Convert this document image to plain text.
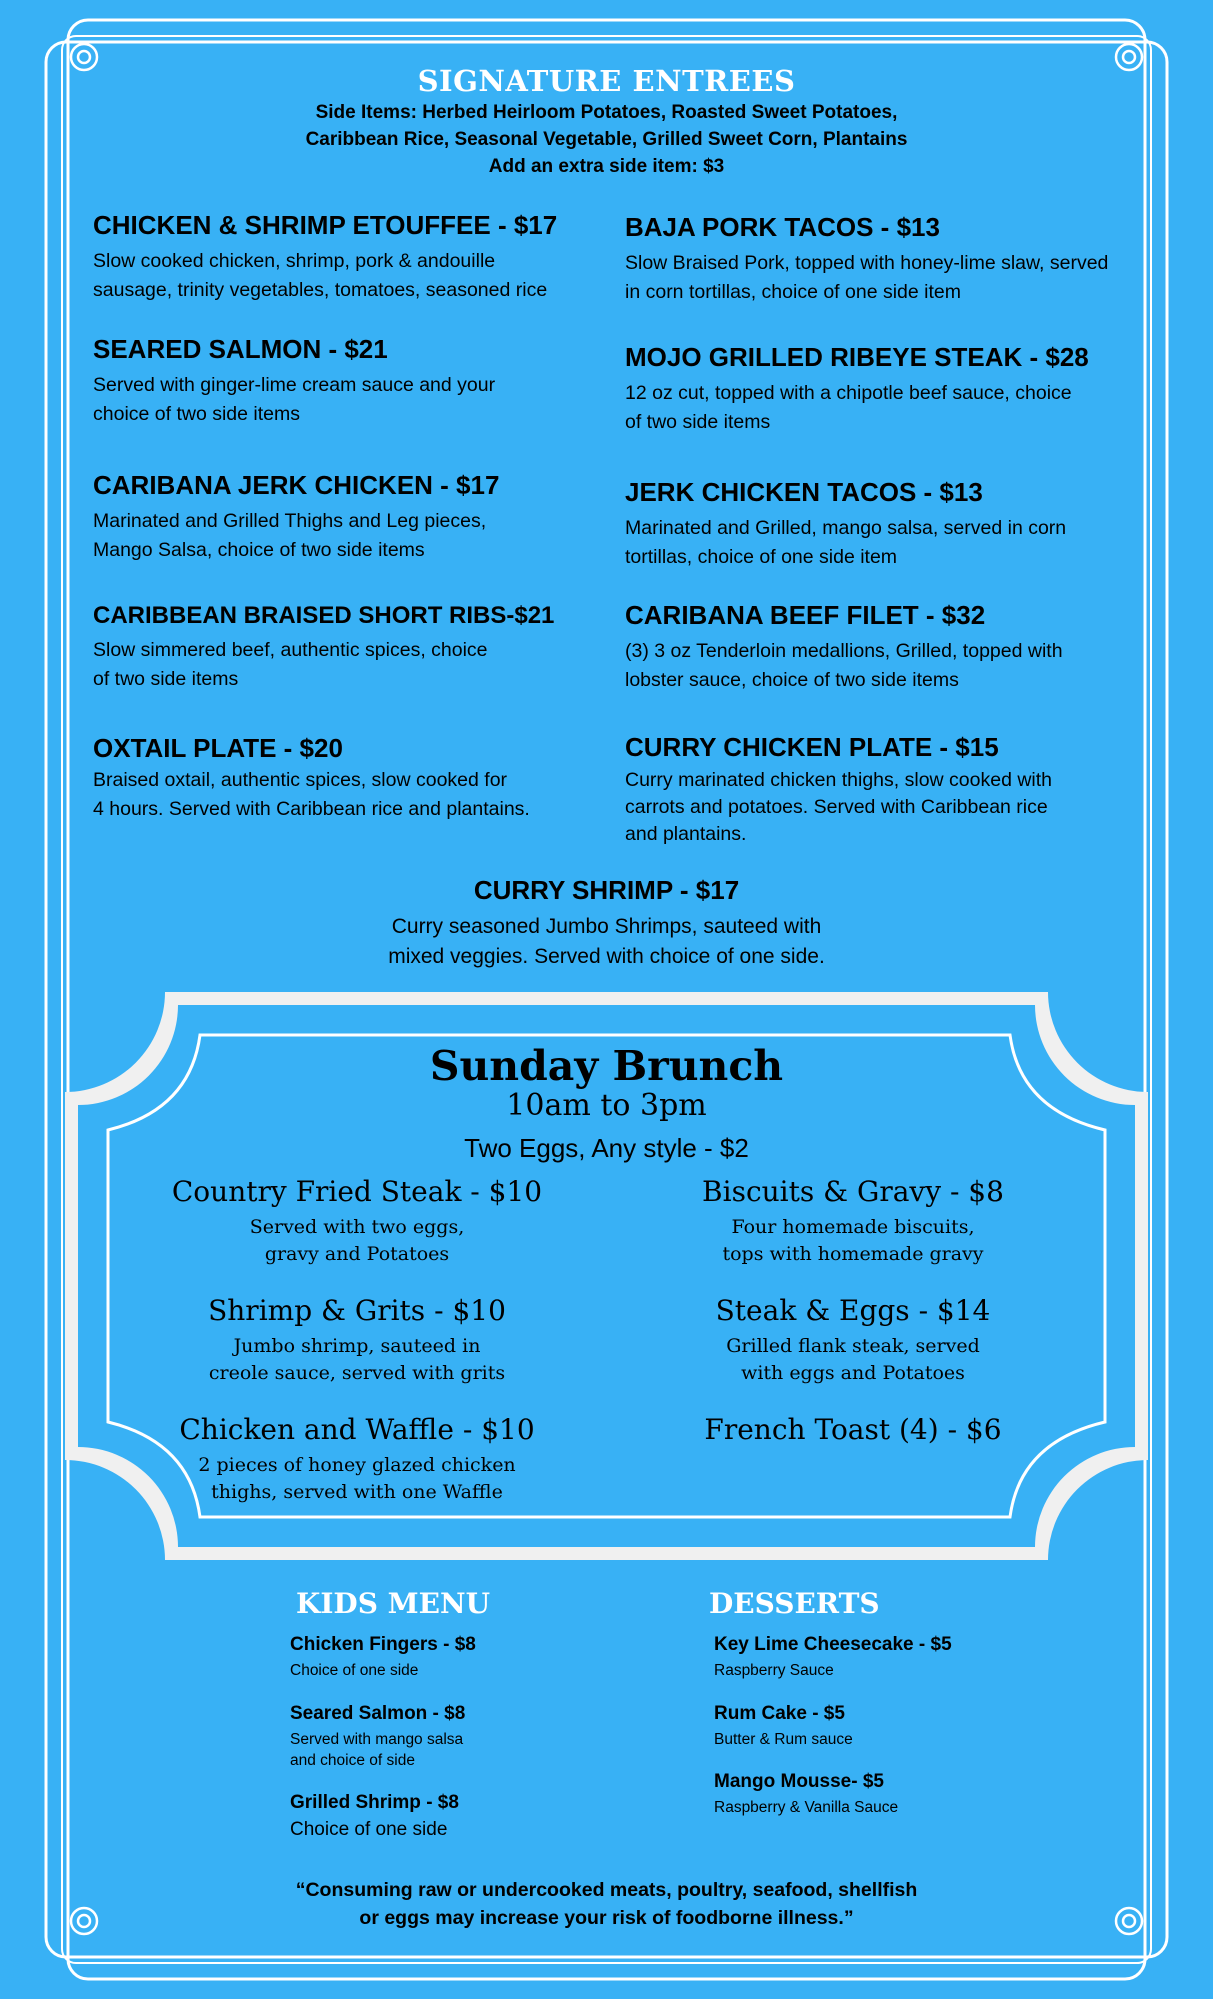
SIGNATURE ENTREES
Side Items: Herbed Heirloom Potatoes, Roasted Sweet Potatoes,
Caribbean Rice, Seasonal Vegetable, Grilled Sweet Corn, Plantains
Add an extra side item: $3
CHICKEN & SHRIMP ETOUFFEE - $17
Slow cooked chicken, shrimp, pork & andouille
sausage, trinity vegetables, tomatoes, seasoned rice
BAJA PORK TACOS - $13
Slow Braised Pork, topped with honey-lime slaw, served
in corn tortillas, choice of one side item
SEARED SALMON - $21
Served with ginger-lime cream sauce and your
choice of two side items
MOJO GRILLED RIBEYE STEAK - $28
12 oz cut, topped with a chipotle beef sauce, choice
of two side items
CARIBANA JERK CHICKEN - $17
Marinated and Grilled Thighs and Leg pieces,
Mango Salsa, choice of two side items
JERK CHICKEN TACOS - $13
Marinated and Grilled, mango salsa, served in corn
tortillas, choice of one side item
CARIBBEAN BRAISED SHORT RIBS-$21
Slow simmered beef, authentic spices, choice
of two side items
CARIBANA BEEF FILET - $32
(3) 3 oz Tenderloin medallions, Grilled, topped with
lobster sauce, choice of two side items
OXTAIL PLATE - $20
Braised oxtail, authentic spices, slow cooked for
4 hours. Served with Caribbean rice and plantains.
CURRY CHICKEN PLATE - $15
Curry marinated chicken thighs, slow cooked with
carrots and potatoes. Served with Caribbean rice
and plantains.
CURRY SHRIMP - $17
Curry seasoned Jumbo Shrimps, sauteed with
mixed veggies. Served with choice of one side.
Sunday Brunch
10am to 3pm
Two Eggs, Any style - $2
Country Fried Steak - $10
Served with two eggs,
gravy and Potatoes
Biscuits & Gravy - $8
Four homemade biscuits,
tops with homemade gravy
Shrimp & Grits - $10
Jumbo shrimp, sauteed in
creole sauce, served with grits
Steak & Eggs - $14
Grilled flank steak, served
with eggs and Potatoes
Chicken and Waffle - $10
2 pieces of honey glazed chicken
thighs, served with one Waffle
French Toast (4) - $6
KIDS MENU
Chicken Fingers - $8
Choice of one side
Seared Salmon - $8
Served with mango salsa
and choice of side
Grilled Shrimp - $8
Choice of one side
DESSERTS
Key Lime Cheesecake - $5
Raspberry Sauce
Rum Cake - $5
Butter & Rum sauce
Mango Mousse- $5
Raspberry & Vanilla Sauce
“Consuming raw or undercooked meats, poultry, seafood, shellfish
or eggs may increase your risk of foodborne illness.”
